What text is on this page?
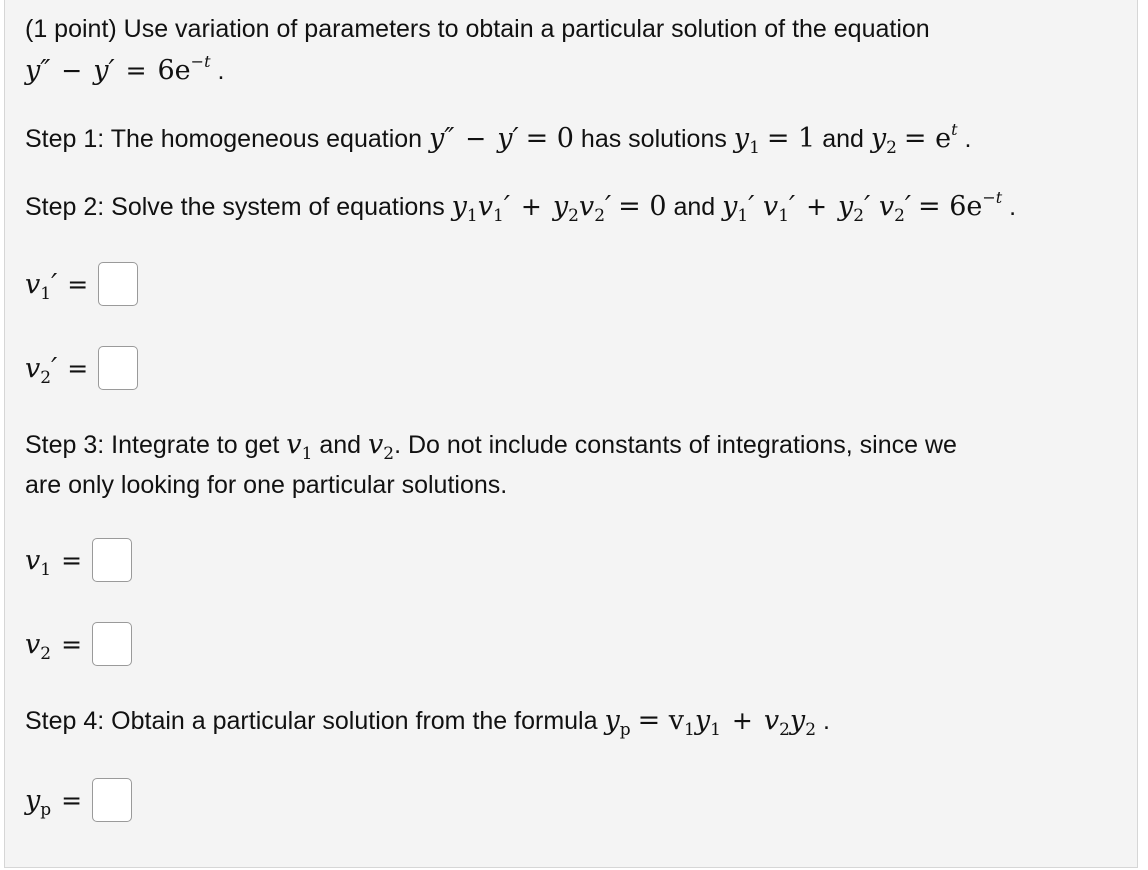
(1 point) Use variation of parameters to obtain a particular solution of the equation
$y'' - y' = 6e^{-t}$ .
Step 1: The homogeneous equation y″ − y′ = 0 has solutions $y_1 = 1$ and $y_2 = e^t$ .
Step 2: Solve the system of equations $y_1v_1' + y_2v_2' = 0$ and $y_1'$ $v_1' + y_2'$ $v_2' = 6e^{-t}$ .
$v_1'$ =
$v_2'$ =
Step 3: Integrate to get $v_1$ and $v_2$. Do not include constants of integrations, since we
are only looking for one particular solutions.
$v_1$ =
$v_2$ =
Step 4: Obtain a particular solution from the formula $y_p = v_1y_1 + v_2y_2$ .
$y_p$ =
